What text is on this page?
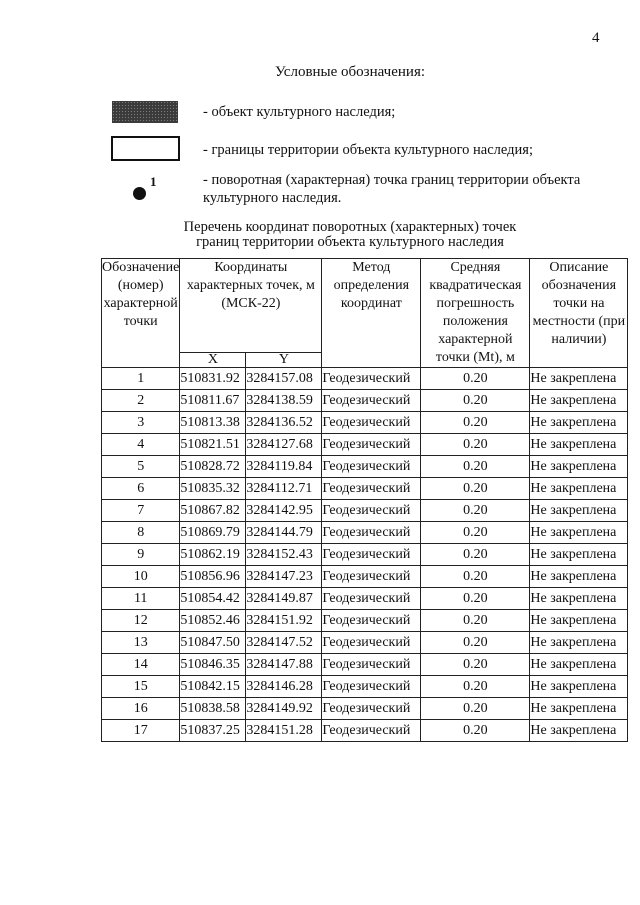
4
Условные обозначения:
- объект культурного наследия;
- границы территории объекта культурного наследия;
1	- поворотная (характерная) точка границ территории объекта культурного наследия.
Перечень координат поворотных (характерных) точек
границ территории объекта культурного наследия
Обозначение (номер) характерной точки	Координаты характерных точек, м (МСК-22)		Метод определения координат	Средняя квадратическая погрешность положения характерной точки (Mt), м	Описание обозначения точки на местности (при наличии)
	X	Y			
1	510831.92	3284157.08	Геодезический	0.20	Не закреплена
2	510811.67	3284138.59	Геодезический	0.20	Не закреплена
3	510813.38	3284136.52	Геодезический	0.20	Не закреплена
4	510821.51	3284127.68	Геодезический	0.20	Не закреплена
5	510828.72	3284119.84	Геодезический	0.20	Не закреплена
6	510835.32	3284112.71	Геодезический	0.20	Не закреплена
7	510867.82	3284142.95	Геодезический	0.20	Не закреплена
8	510869.79	3284144.79	Геодезический	0.20	Не закреплена
9	510862.19	3284152.43	Геодезический	0.20	Не закреплена
10	510856.96	3284147.23	Геодезический	0.20	Не закреплена
11	510854.42	3284149.87	Геодезический	0.20	Не закреплена
12	510852.46	3284151.92	Геодезический	0.20	Не закреплена
13	510847.50	3284147.52	Геодезический	0.20	Не закреплена
14	510846.35	3284147.88	Геодезический	0.20	Не закреплена
15	510842.15	3284146.28	Геодезический	0.20	Не закреплена
16	510838.58	3284149.92	Геодезический	0.20	Не закреплена
17	510837.25	3284151.28	Геодезический	0.20	Не закреплена
